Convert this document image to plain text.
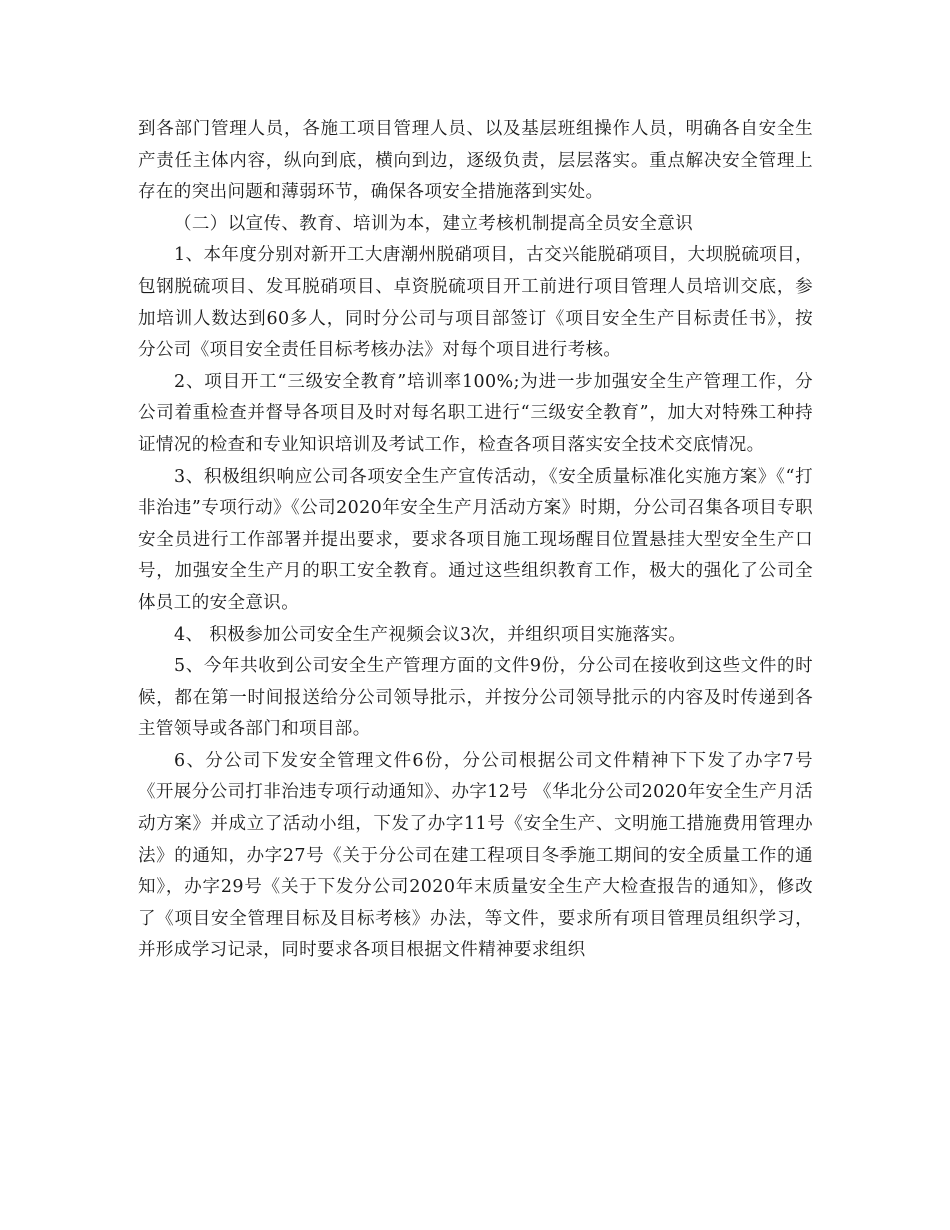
到各部门管理人员，各施工项目管理人员、以及基层班组操作人员，明确各自安全生产责任主体内容，纵向到底，横向到边，逐级负责，层层落实。重点解决安全管理上存在的突出问题和薄弱环节，确保各项安全措施落到实处。

（二）以宣传、教育、培训为本，建立考核机制提高全员安全意识

1、本年度分别对新开工大唐潮州脱硝项目，古交兴能脱硝项目，大坝脱硫项目，包钢脱硫项目、发耳脱硝项目、卓资脱硫项目开工前进行项目管理人员培训交底，参加培训人数达到60多人，同时分公司与项目部签订《项目安全生产目标责任书》，按分公司《项目安全责任目标考核办法》对每个项目进行考核。

2、项目开工“三级安全教育”培训率100%;为进一步加强安全生产管理工作，分公司着重检查并督导各项目及时对每名职工进行“三级安全教育”，加大对特殊工种持证情况的检查和专业知识培训及考试工作，检查各项目落实安全技术交底情况。

3、积极组织响应公司各项安全生产宣传活动，《安全质量标准化实施方案》《“打非治违”专项行动》《公司2020年安全生产月活动方案》时期，分公司召集各项目专职安全员进行工作部署并提出要求，要求各项目施工现场醒目位置悬挂大型安全生产口号，加强安全生产月的职工安全教育。通过这些组织教育工作，极大的强化了公司全体员工的安全意识。

4、 积极参加公司安全生产视频会议3次，并组织项目实施落实。

5、今年共收到公司安全生产管理方面的文件9份，分公司在接收到这些文件的时候，都在第一时间报送给分公司领导批示，并按分公司领导批示的内容及时传递到各主管领导或各部门和项目部。

6、分公司下发安全管理文件6份，分公司根据公司文件精神下下发了办字7号《开展分公司打非治违专项行动通知》、办字12号 《华北分公司2020年安全生产月活动方案》并成立了活动小组，下发了办字11号《安全生产、文明施工措施费用管理办法》的通知，办字27号《关于分公司在建工程项目冬季施工期间的安全质量工作的通知》，办字29号《关于下发分公司2020年末质量安全生产大检查报告的通知》，修改了《项目安全管理目标及目标考核》办法，等文件，要求所有项目管理员组织学习，并形成学习记录，同时要求各项目根据文件精神要求组织
